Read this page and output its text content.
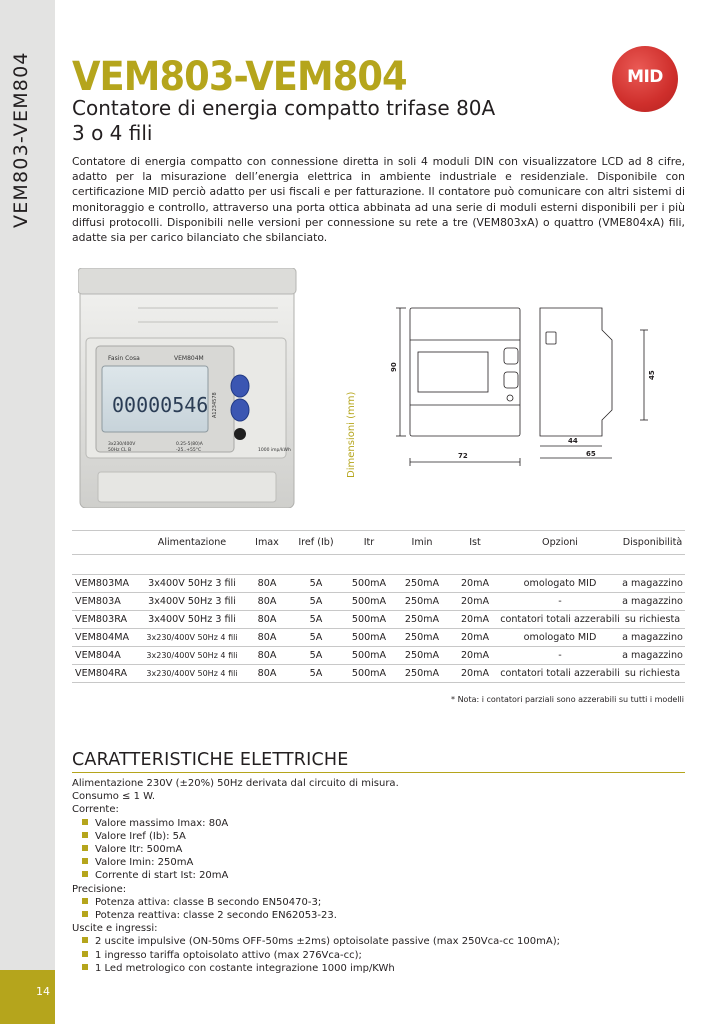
VEM803-VEM804
14
VEM803-VEM804
Contatore di energia compatto trifase 80A
3 o 4 fili
MID

Contatore di energia compatto con connessione diretta in soli 4 moduli DIN con visualizzatore LCD ad 8 cifre, adatto per la misurazione dell’energia elettrica in ambiente industriale e residenziale. Disponibile con certificazione MID perciò adatto per usi fiscali e per fatturazione. Il contatore può comunicare con altri sistemi di monitoraggio e controllo, attraverso una porta ottica abbinata ad una serie di moduli esterni disponibili per i più diffusi protocolli. Disponibili nelle versioni per connessione su rete a tre (VEM803xA) o quattro (VME804xA) fili, adatte sia per carico bilanciato che sbilanciato.

Fasin Cosa	VEM804M
00000546 A1234578
3x230/400V	0.25-5(80)A
50Hz CL B	-25..+55°C	1000 imp/kWh
90
72
45
44
65
Dimensioni (mm)
	Alimentazione	Imax	Iref (Ib)	Itr	Imin	Ist	Opzioni	Disponibilità

VEM803MA	3x400V 50Hz 3 fili	80A	5A	500mA	250mA	20mA	omologato MID	a magazzino
VEM803A	3x400V 50Hz 3 fili	80A	5A	500mA	250mA	20mA	-	a magazzino
VEM803RA	3x400V 50Hz 3 fili	80A	5A	500mA	250mA	20mA	contatori totali azzerabili	su richiesta
VEM804MA	3x230/400V 50Hz 4 fili	80A	5A	500mA	250mA	20mA	omologato MID	a magazzino
VEM804A	3x230/400V 50Hz 4 fili	80A	5A	500mA	250mA	20mA	-	a magazzino
VEM804RA	3x230/400V 50Hz 4 fili	80A	5A	500mA	250mA	20mA	contatori totali azzerabili	su richiesta
* Nota: i contatori parziali sono azzerabili su tutti i modelli
CARATTERISTICHE ELETTRICHE
Alimentazione 230V (±20%) 50Hz derivata dal circuito di misura.
Consumo ≤ 1 W.
Corrente:
Valore massimo Imax: 80A
Valore Iref (Ib): 5A
Valore Itr: 500mA
Valore Imin: 250mA
Corrente di start Ist: 20mA
Precisione:
Potenza attiva: classe B secondo EN50470-3;
Potenza reattiva: classe 2 secondo EN62053-23.
Uscite e ingressi:
2 uscite impulsive (ON-50ms OFF-50ms ±2ms) optoisolate passive (max 250Vca-cc 100mA);
1 ingresso tariffa optoisolato attivo (max 276Vca-cc);
1 Led metrologico con costante integrazione 1000 imp/KWh
